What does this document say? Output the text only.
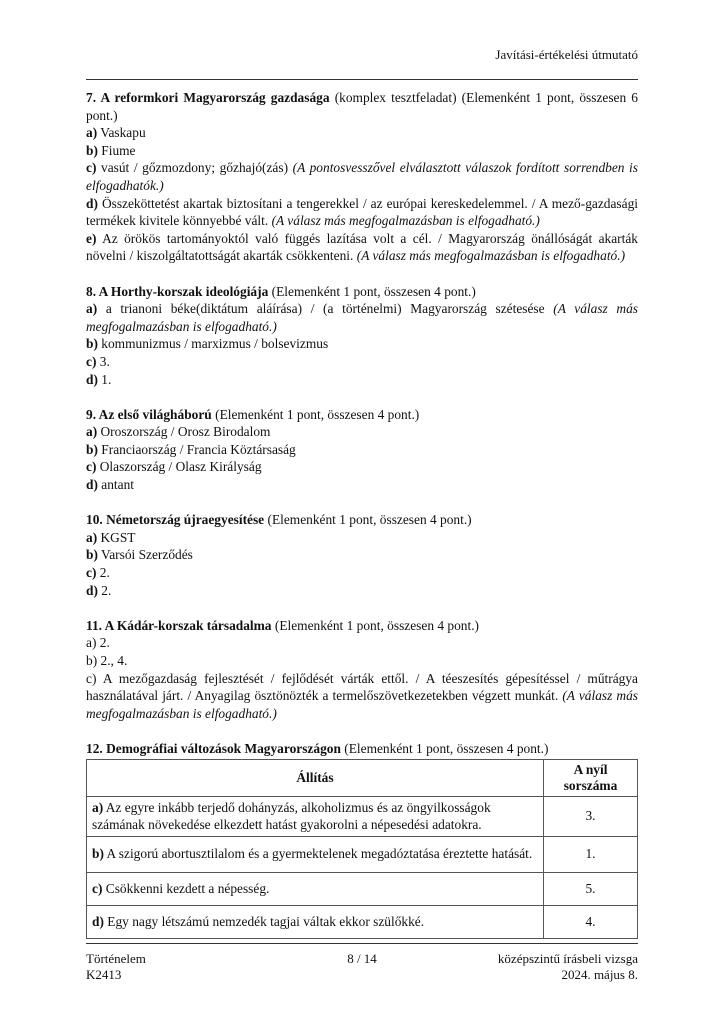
Javítási-értékelési útmutató
7. A reformkori Magyarország gazdasága (komplex tesztfeladat) (Elemenként 1 pont, összesen 6 pont.)
a) Vaskapu
b) Fiume
c) vasút / gőzmozdony; gőzhajó(zás) (A pontosvesszővel elválasztott válaszok fordított sorrendben is elfogadhatók.)
d) Összeköttetést akartak biztosítani a tengerekkel / az európai kereskedelemmel. / A mező-gazdasági termékek kivitele könnyebbé vált. (A válasz más megfogalmazásban is elfogadható.)
e) Az örökös tartományoktól való függés lazítása volt a cél. / Magyarország önállóságát akarták növelni / kiszolgáltatottságát akarták csökkenteni. (A válasz más megfogalmazásban is elfogadható.)
8. A Horthy-korszak ideológiája (Elemenként 1 pont, összesen 4 pont.)
a) a trianoni béke(diktátum aláírása) / (a történelmi) Magyarország szétesése (A válasz más megfogalmazásban is elfogadható.)
b) kommunizmus / marxizmus / bolsevizmus
c) 3.
d) 1.
9. Az első világháború (Elemenként 1 pont, összesen 4 pont.)
a) Oroszország / Orosz Birodalom
b) Franciaország / Francia Köztársaság
c) Olaszország / Olasz Királyság
d) antant
10. Németország újraegyesítése (Elemenként 1 pont, összesen 4 pont.)
a) KGST
b) Varsói Szerződés
c) 2.
d) 2.
11. A Kádár-korszak társadalma (Elemenként 1 pont, összesen 4 pont.)
a) 2.
b) 2., 4.
c) A mezőgazdaság fejlesztését / fejlődését várták ettől. / A téeszesítés gépesítéssel / műtrágya használatával járt. / Anyagilag ösztönözték a termelőszövetkezetekben végzett munkát. (A válasz más megfogalmazásban is elfogadható.)
12. Demográfiai változások Magyarországon (Elemenként 1 pont, összesen 4 pont.)
Állítás	A nyíl sorszáma
a) Az egyre inkább terjedő dohányzás, alkoholizmus és az öngyilkosságok számának növekedése elkezdett hatást gyakorolni a népesedési adatokra.	3.
b) A szigorú abortusztilalom és a gyermektelenek megadóztatása éreztette hatását.	1.
c) Csökkenni kezdett a népesség.	5.
d) Egy nagy létszámú nemzedék tagjai váltak ekkor szülőkké.	4.
8 / 14
Történelem
K2413
középszintű írásbeli vizsga
2024. május 8.
